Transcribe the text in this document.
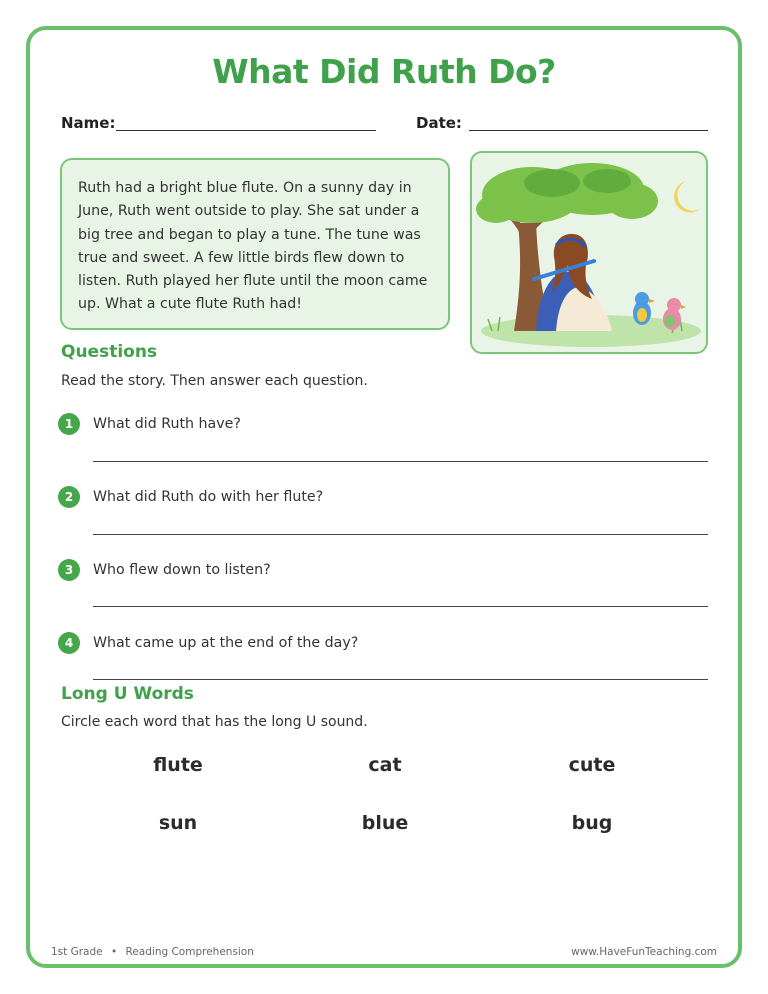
What Did Ruth Do?
Name:	Date:

Ruth had a bright blue flute. On a sunny day in June, Ruth went outside to play. She sat under a big tree and began to play a tune. The tune was true and sweet. A few little birds flew down to listen. Ruth played her flute until the moon came up. What a cute flute Ruth had!

Questions

Read the story. Then answer each question.

1	What did Ruth have?
2	What did Ruth do with her flute?
3	Who flew down to listen?
4	What came up at the end of the day?
Long U Words

Circle each word that has the long U sound.

flute	cat	cute
sun	blue	bug
1st Grade • Reading Comprehension	www.HaveFunTeaching.com
